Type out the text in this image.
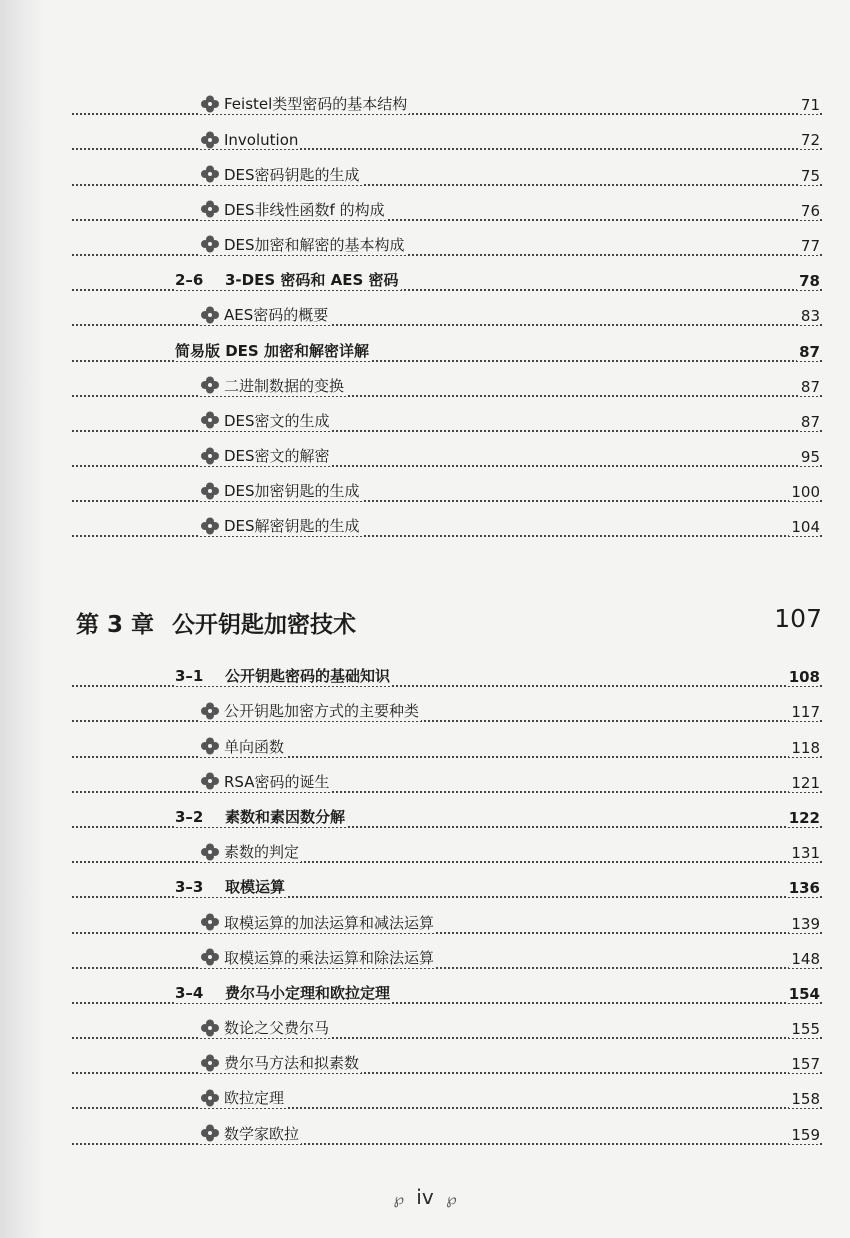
Feistel类型密码的基本结构	71
Involution	72
DES密码钥匙的生成	75
DES非线性函数f 的构成	76
DES加密和解密的基本构成	77
2–6 3-DES 密码和 AES 密码	78
AES密码的概要	83
简易版 DES 加密和解密详解	87
二进制数据的变换	87
DES密文的生成	87
DES密文的解密	95
DES加密钥匙的生成	100
DES解密钥匙的生成	104
第 3 章 公开钥匙加密技术	107
3–1 公开钥匙密码的基础知识	108
公开钥匙加密方式的主要种类	117
单向函数	118
RSA密码的诞生	121
3–2 素数和素因数分解	122
素数的判定	131
3–3 取模运算	136
取模运算的加法运算和减法运算	139
取模运算的乘法运算和除法运算	148
3–4 费尔马小定理和欧拉定理	154
数论之父费尔马	155
费尔马方法和拟素数	157
欧拉定理	158
数学家欧拉	159
℘ iv ℘
